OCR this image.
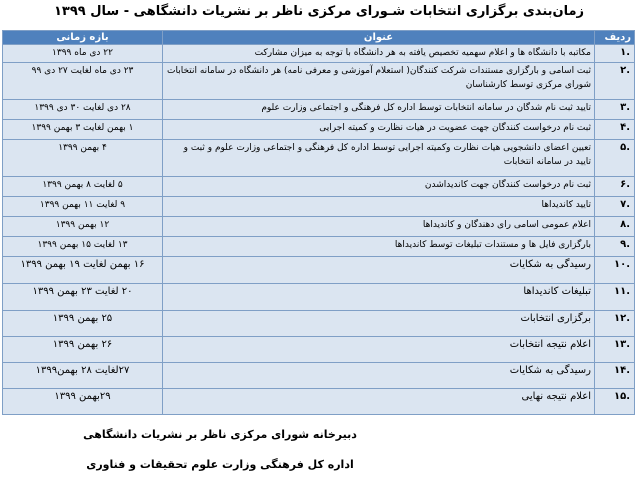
زمان‌بندی برگزاری انتخابات شـورای مرکزی ناظر بر نشریات دانشگاهی - سال ۱۳۹۹
ردیف	عنوان	بازه زمانی
.۱	مکاتبه با دانشگاه ها و اعلام سهمیه تخصیص یافته به هر دانشگاه با توجه به میزان مشارکت	۲۲ دی ماه ۱۳۹۹
.۲	ثبت اسامی و بارگزاری مستندات شرکت کنندگان( استعلام آموزشی و معرفی نامه) هر دانشگاه در سامانه انتخابات شورای مرکزی توسط کارشناسان	۲۳ دی ماه لغایت ۲۷ دی ۹۹
.۳	تایید ثبت نام شدگان در سامانه انتخابات توسط اداره کل فرهنگی و اجتماعی وزارت علوم	۲۸ دی لغایت ۳۰ دی ۱۳۹۹
.۴	ثبت نام درخواست کنندگان جهت عضویت در هیات نظارت و کمیته اجرایی	۱ بهمن لغایت ۳ بهمن ۱۳۹۹
.۵	تعیین اعضای دانشجویی هیات نظارت وکمیته اجرایی توسط اداره کل فرهنگی و اجتماعی وزارت علوم و ثبت و تایید در سامانه انتخابات	۴ بهمن ۱۳۹۹
.۶	ثبت نام درخواست کنندگان جهت کاندیداشدن	۵ لغایت ۸ بهمن ۱۳۹۹
.۷	تایید کاندیداها	۹ لغایت ۱۱ بهمن ۱۳۹۹
.۸	اعلام عمومی اسامی رای دهندگان و کاندیداها	۱۲ بهمن ۱۳۹۹
.۹	بارگزاری فایل ها و مستندات تبلیغات توسط کاندیداها	۱۳ لغایت ۱۵ بهمن ۱۳۹۹
.۱۰	رسیدگی به شکایات	۱۶ بهمن لغایت ۱۹ بهمن ۱۳۹۹
.۱۱	تبلیغات کاندیداها	۲۰ لغایت ۲۳ بهمن ۱۳۹۹
.۱۲	برگزاری انتخابات	۲۵ بهمن ۱۳۹۹
.۱۳	اعلام نتیجه انتخابات	۲۶ بهمن ۱۳۹۹
.۱۴	رسیدگی به شکایات	۲۷لغایت ۲۸ بهمن۱۳۹۹
.۱۵	اعلام نتیجه نهایی	۲۹بهمن ۱۳۹۹
دبیرخانه شورای مرکزی ناظر بر نشریات دانشگاهی
اداره کل فرهنگی وزارت علوم تحقیقات و فناوری
